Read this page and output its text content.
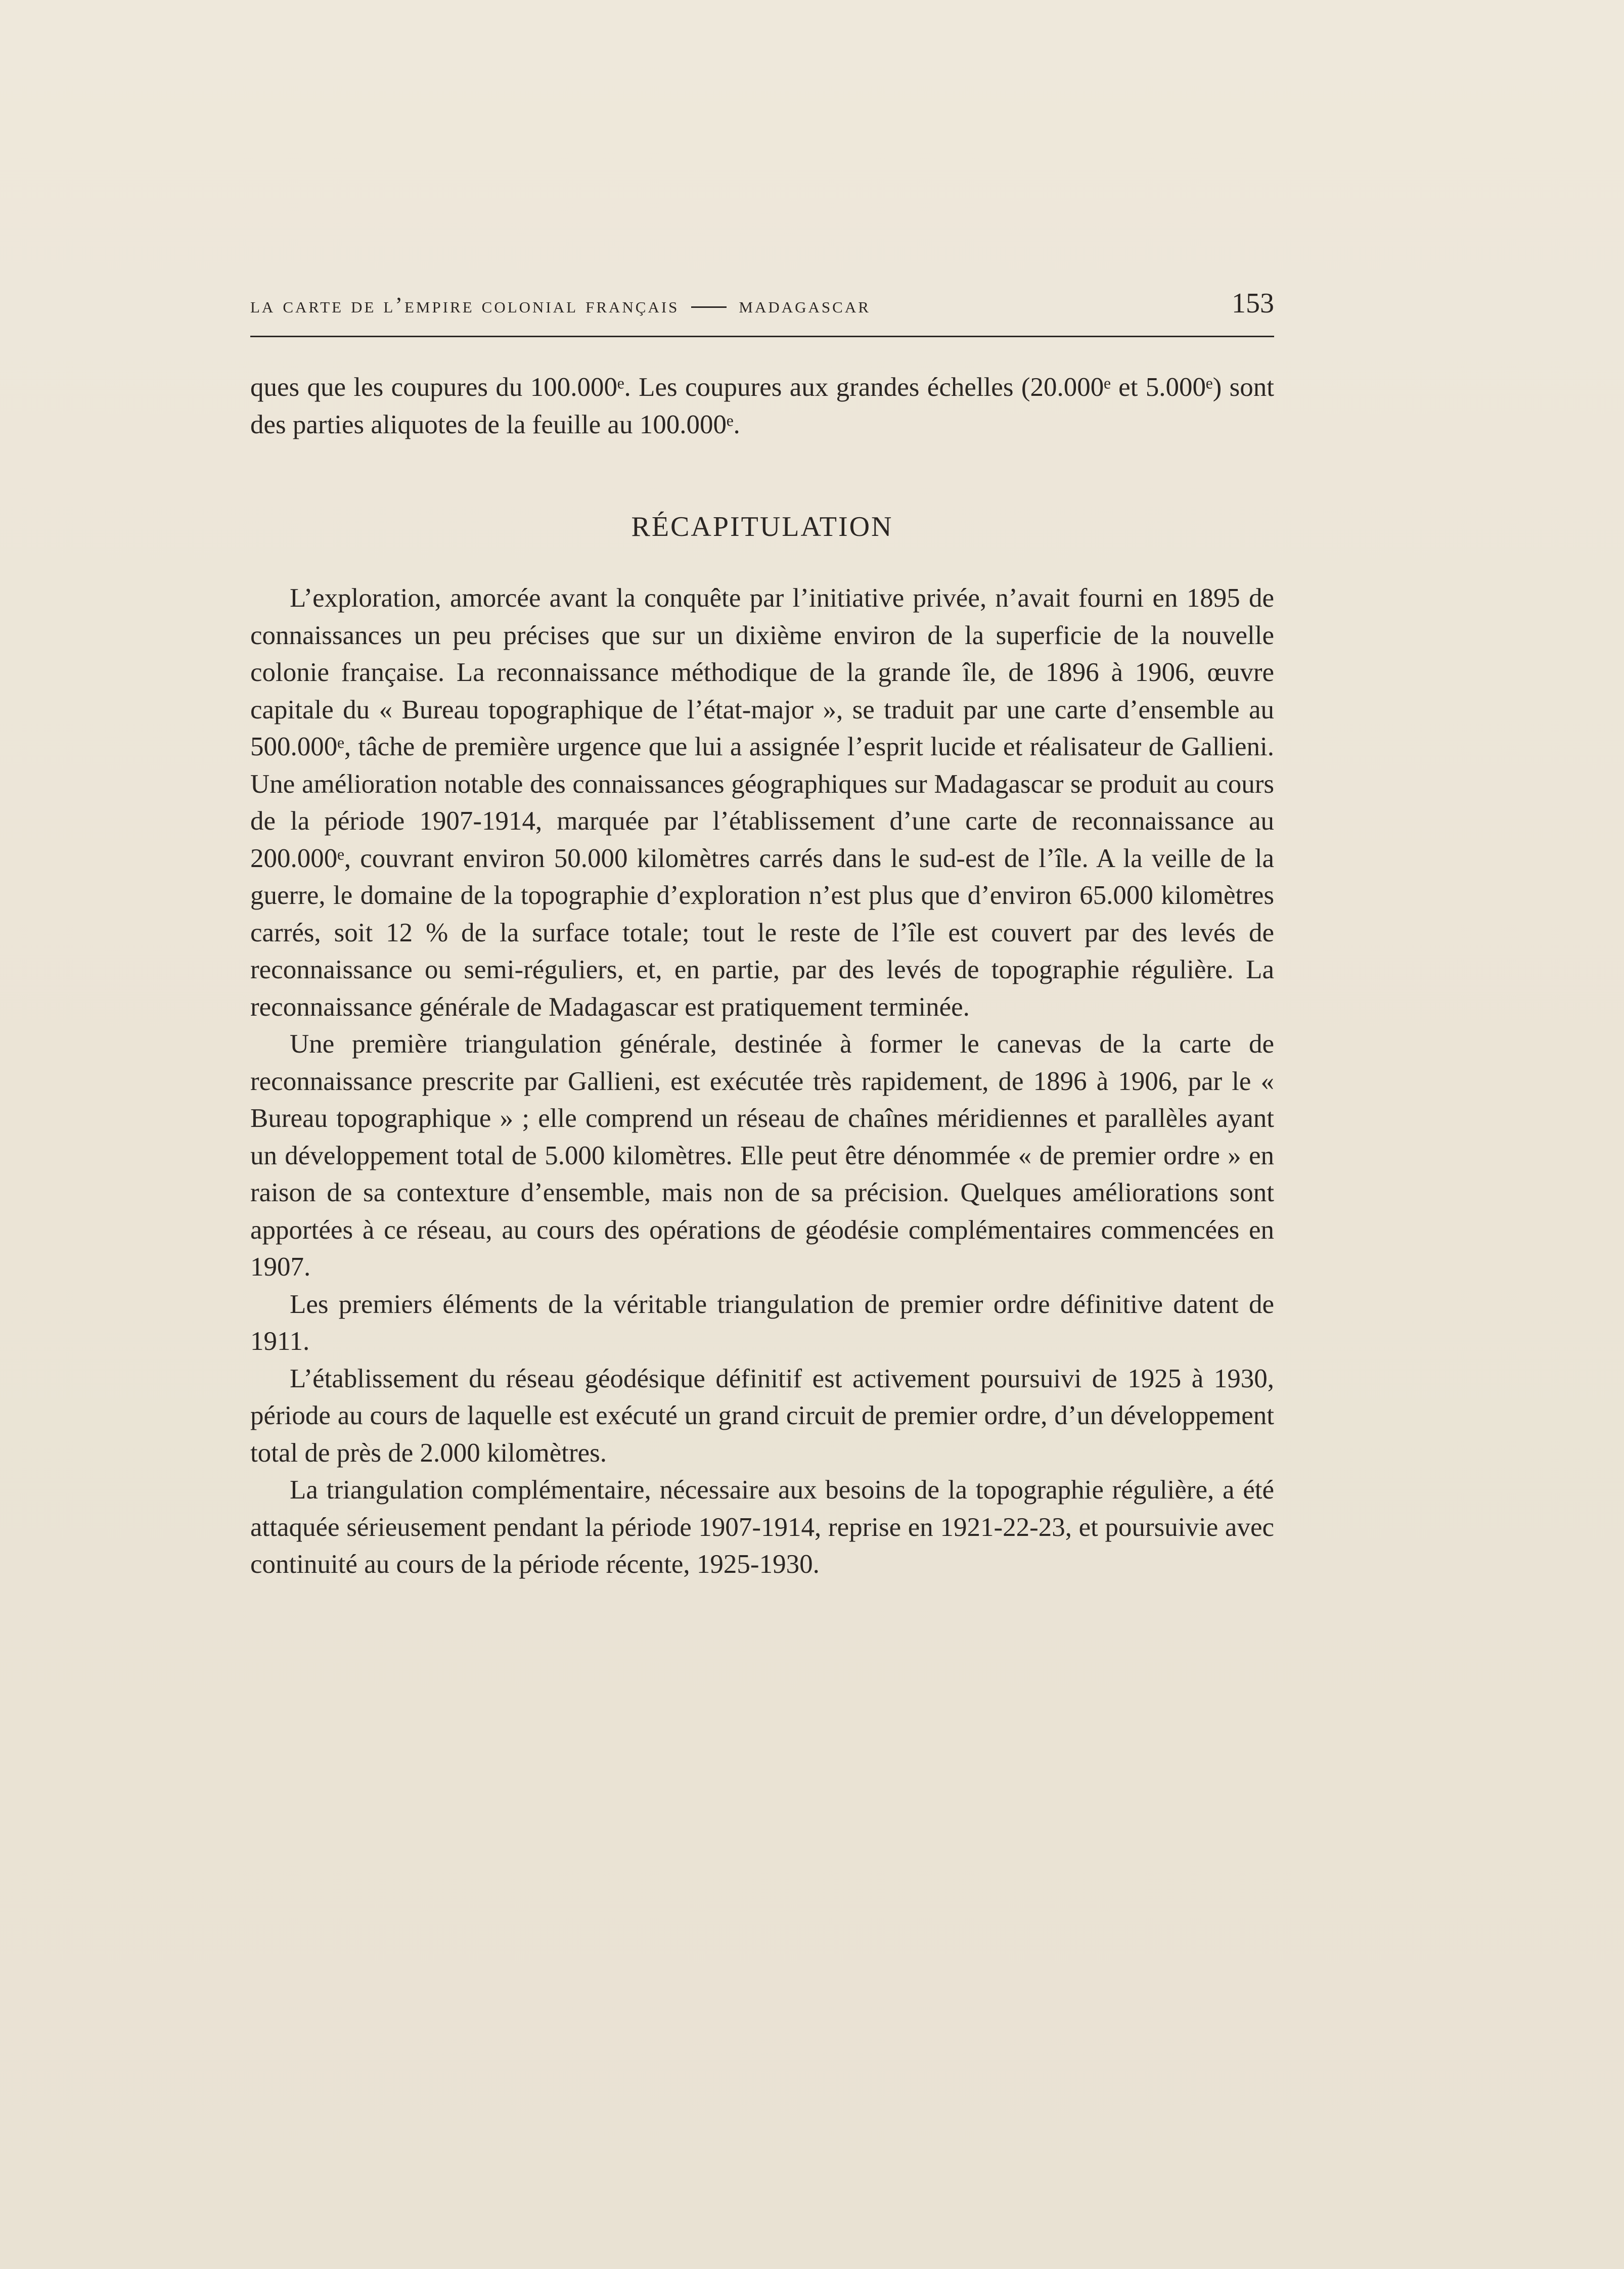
la carte de l’empire colonial français	madagascar	153

ques que les coupures du 100.000ᵉ. Les coupures aux grandes échelles (20.000ᵉ et 5.000ᵉ) sont des parties aliquotes de la feuille au 100.000ᵉ.

RÉCAPITULATION

L’exploration, amorcée avant la conquête par l’initiative privée, n’avait fourni en 1895 de connaissances un peu précises que sur un dixième environ de la superficie de la nouvelle colonie française. La reconnaissance méthodique de la grande île, de 1896 à 1906, œuvre capitale du « Bureau topographique de l’état-major », se traduit par une carte d’ensemble au 500.000ᵉ, tâche de première urgence que lui a assignée l’esprit lucide et réalisateur de Gallieni. Une amélioration notable des connaissances géographiques sur Madagascar se produit au cours de la période 1907-1914, marquée par l’établissement d’une carte de reconnaissance au 200.000ᵉ, couvrant environ 50.000 kilomètres carrés dans le sud-est de l’île. A la veille de la guerre, le domaine de la topographie d’exploration n’est plus que d’environ 65.000 kilomètres carrés, soit 12 % de la surface totale; tout le reste de l’île est couvert par des levés de reconnaissance ou semi-réguliers, et, en partie, par des levés de topographie régulière. La reconnaissance générale de Madagascar est pratiquement terminée.

Une première triangulation générale, destinée à former le canevas de la carte de reconnaissance prescrite par Gallieni, est exécutée très rapidement, de 1896 à 1906, par le « Bureau topographique » ; elle comprend un réseau de chaînes méridiennes et parallèles ayant un développement total de 5.000 kilomètres. Elle peut être dénommée « de premier ordre » en raison de sa contexture d’ensemble, mais non de sa précision. Quelques améliorations sont apportées à ce réseau, au cours des opérations de géodésie complémentaires commencées en 1907.

Les premiers éléments de la véritable triangulation de premier ordre définitive datent de 1911.

L’établissement du réseau géodésique définitif est activement poursuivi de 1925 à 1930, période au cours de laquelle est exécuté un grand circuit de premier ordre, d’un développement total de près de 2.000 kilomètres.

La triangulation complémentaire, nécessaire aux besoins de la topographie régulière, a été attaquée sérieusement pendant la période 1907-1914, reprise en 1921-22-23, et poursuivie avec continuité au cours de la période récente, 1925-1930.
